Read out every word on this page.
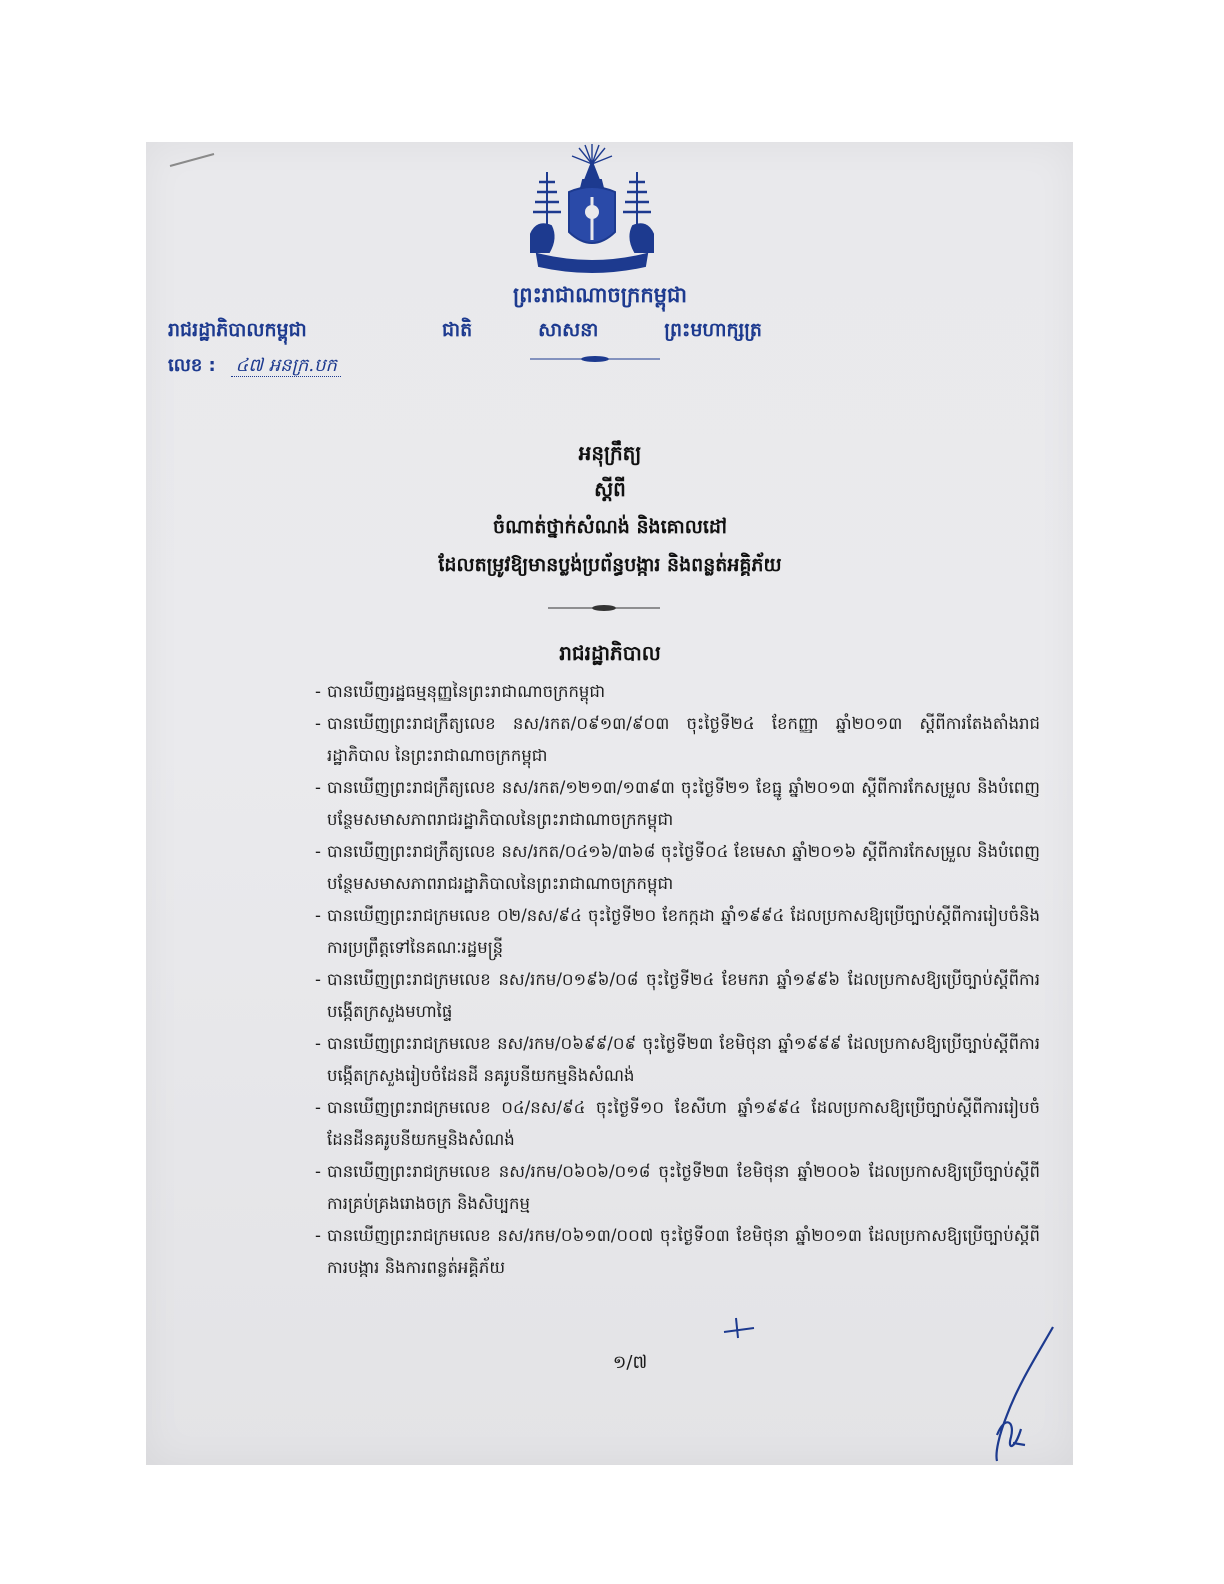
ព្រះរាជាណាចក្រកម្ពុជា
ជាតិ	សាសនា	ព្រះមហាក្សត្រ
រាជរដ្ឋាភិបាលកម្ពុជា
លេខ : ៤៧ អនក្រ.បក
អនុក្រឹត្យ
ស្តីពី
ចំណាត់ថ្នាក់សំណង់ និងគោលដៅ
ដែលតម្រូវឱ្យមានប្លង់ប្រព័ន្ធបង្ការ និងពន្លត់អគ្គិភ័យ
រាជរដ្ឋាភិបាល
- បានឃើញរដ្ឋធម្មនុញ្ញនៃព្រះរាជាណាចក្រកម្ពុជា

- បានឃើញព្រះរាជក្រឹត្យលេខ នស/រកត/០៩១៣/៩០៣ ចុះថ្ងៃទី២៤ ខែកញ្ញា ឆ្នាំ២០១៣ ស្តីពីការតែងតាំងរាជរដ្ឋាភិបាល នៃព្រះរាជាណាចក្រកម្ពុជា

- បានឃើញព្រះរាជក្រឹត្យលេខ នស/រកត/១២១៣/១៣៩៣ ចុះថ្ងៃទី២១ ខែធ្នូ ឆ្នាំ២០១៣ ស្តីពីការកែសម្រួល និងបំពេញបន្ថែមសមាសភាពរាជរដ្ឋាភិបាលនៃព្រះរាជាណាចក្រកម្ពុជា

- បានឃើញព្រះរាជក្រឹត្យលេខ នស/រកត/០៤១៦/៣៦៨ ចុះថ្ងៃទី០៤ ខែមេសា ឆ្នាំ២០១៦ ស្តីពីការកែសម្រួល និងបំពេញបន្ថែមសមាសភាពរាជរដ្ឋាភិបាលនៃព្រះរាជាណាចក្រកម្ពុជា

- បានឃើញព្រះរាជក្រមលេខ ០២/នស/៩៤ ចុះថ្ងៃទី២០ ខែកក្កដា ឆ្នាំ១៩៩៤ ដែលប្រកាសឱ្យប្រើច្បាប់ស្តីពីការរៀបចំនិងការប្រព្រឹត្តទៅនៃគណៈរដ្ឋមន្ត្រី

- បានឃើញព្រះរាជក្រមលេខ នស/រកម/០១៩៦/០៨ ចុះថ្ងៃទី២៤ ខែមករា ឆ្នាំ១៩៩៦ ដែលប្រកាសឱ្យប្រើច្បាប់ស្តីពីការបង្កើតក្រសួងមហាផ្ទៃ

- បានឃើញព្រះរាជក្រមលេខ នស/រកម/០៦៩៩/០៩ ចុះថ្ងៃទី២៣ ខែមិថុនា ឆ្នាំ១៩៩៩ ដែលប្រកាសឱ្យប្រើច្បាប់ស្តីពីការបង្កើតក្រសួងរៀបចំដែនដី នគរូបនីយកម្មនិងសំណង់

- បានឃើញព្រះរាជក្រមលេខ ០៤/នស/៩៤ ចុះថ្ងៃទី១០ ខែសីហា ឆ្នាំ១៩៩៤ ដែលប្រកាសឱ្យប្រើច្បាប់ស្តីពីការរៀបចំដែនដីនគរូបនីយកម្មនិងសំណង់

- បានឃើញព្រះរាជក្រមលេខ នស/រកម/០៦០៦/០១៨ ចុះថ្ងៃទី២៣ ខែមិថុនា ឆ្នាំ២០០៦ ដែលប្រកាសឱ្យប្រើច្បាប់ស្តីពីការគ្រប់គ្រងរោងចក្រ និងសិប្បកម្ម

- បានឃើញព្រះរាជក្រមលេខ នស/រកម/០៦១៣/០០៧ ចុះថ្ងៃទី០៣ ខែមិថុនា ឆ្នាំ២០១៣ ដែលប្រកាសឱ្យប្រើច្បាប់ស្តីពីការបង្ការ និងការពន្លត់អគ្គិភ័យ

១/៧
